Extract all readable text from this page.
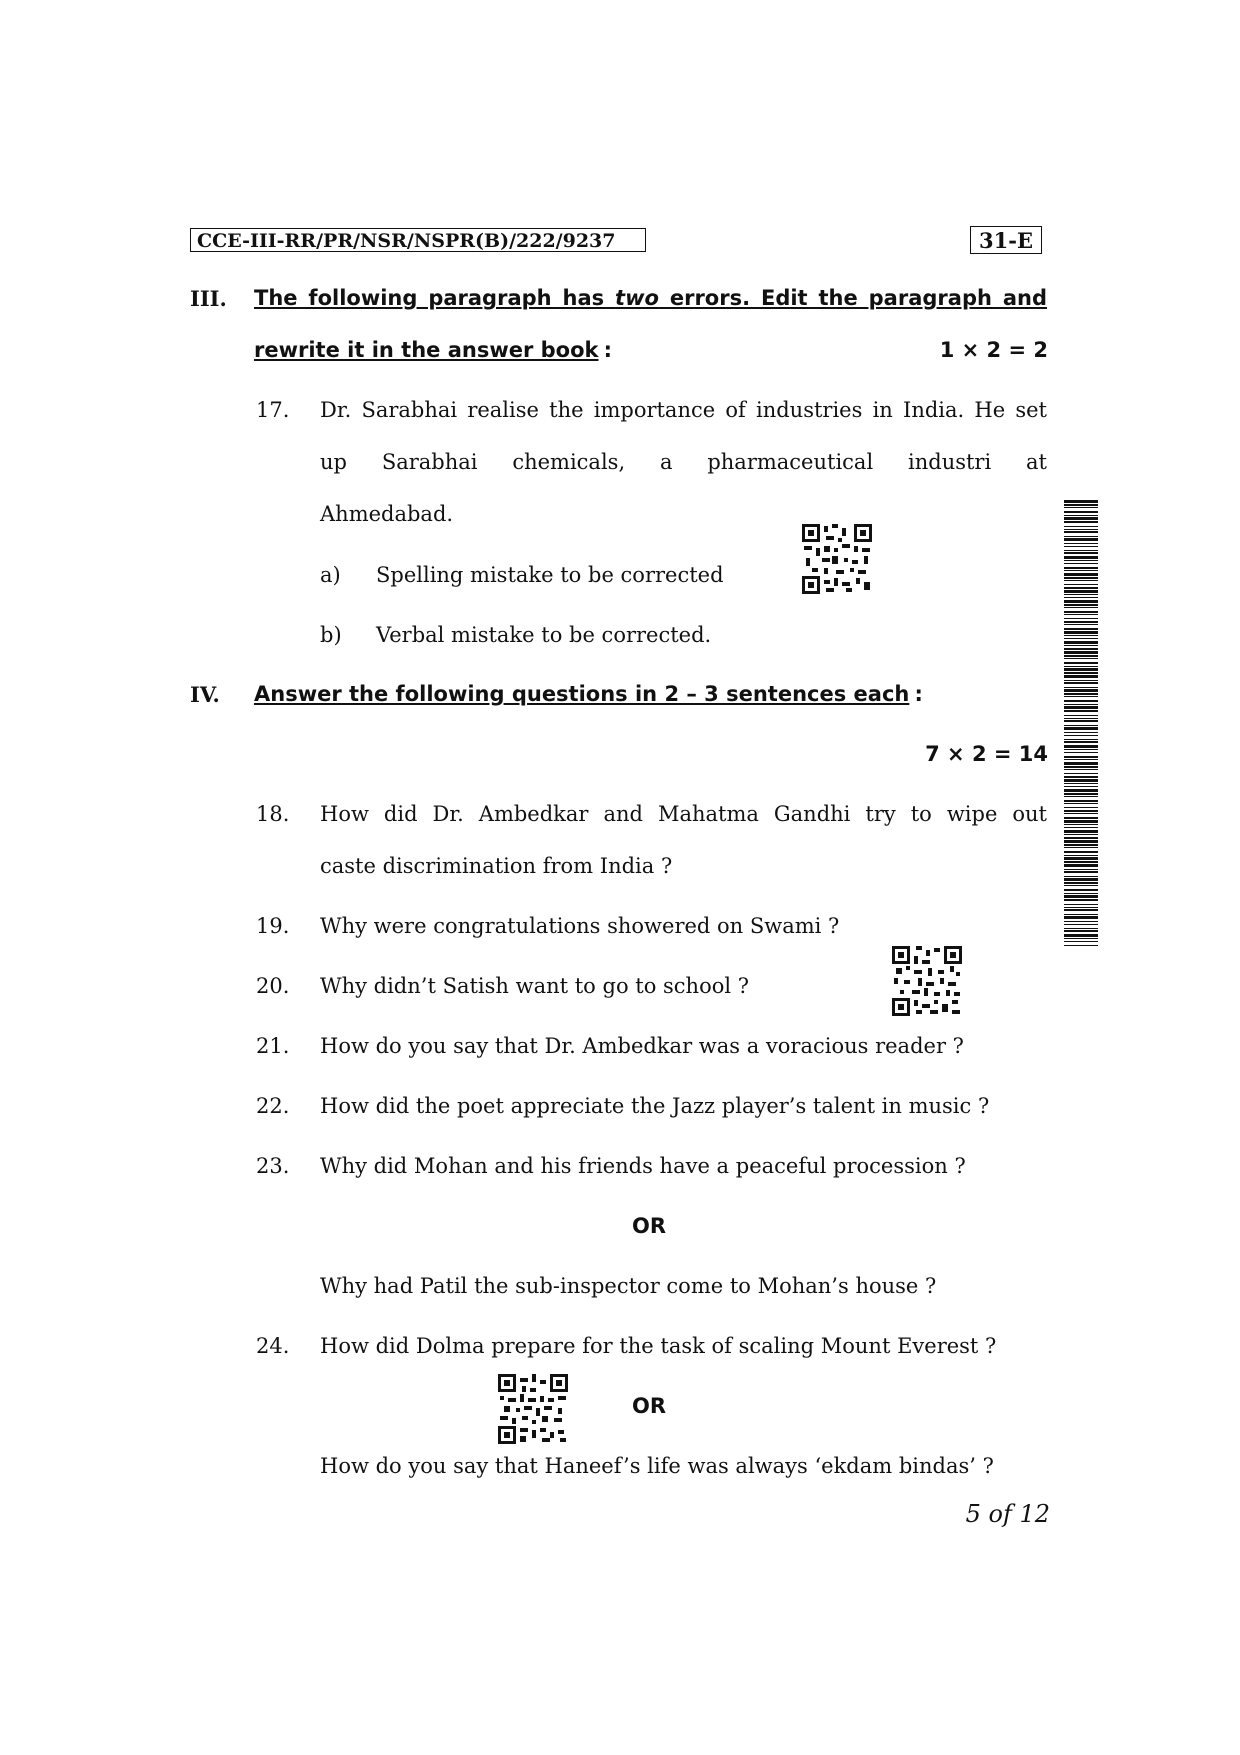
CCE-III-RR/PR/NSR/NSPR(B)/222/9237	31-E
III. The following paragraph has two errors. Edit the paragraph and
rewrite it in the answer book :	1 × 2 = 2
17. Dr. Sarabhai realise the importance of industries in India. He set
up Sarabhai chemicals, a pharmaceutical industri at
Ahmedabad.
a) Spelling mistake to be corrected
b) Verbal mistake to be corrected.
IV. Answer the following questions in 2 – 3 sentences each :
7 × 2 = 14
18. How did Dr. Ambedkar and Mahatma Gandhi try to wipe out
caste discrimination from India ?
19. Why were congratulations showered on Swami ?
20. Why didn’t Satish want to go to school ?
21. How do you say that Dr. Ambedkar was a voracious reader ?
22. How did the poet appreciate the Jazz player’s talent in music ?
23. Why did Mohan and his friends have a peaceful procession ?
OR
Why had Patil the sub-inspector come to Mohan’s house ?
24. How did Dolma prepare for the task of scaling Mount Everest ?
OR
How do you say that Haneef’s life was always ‘ekdam bindas’ ?
5 of 12
